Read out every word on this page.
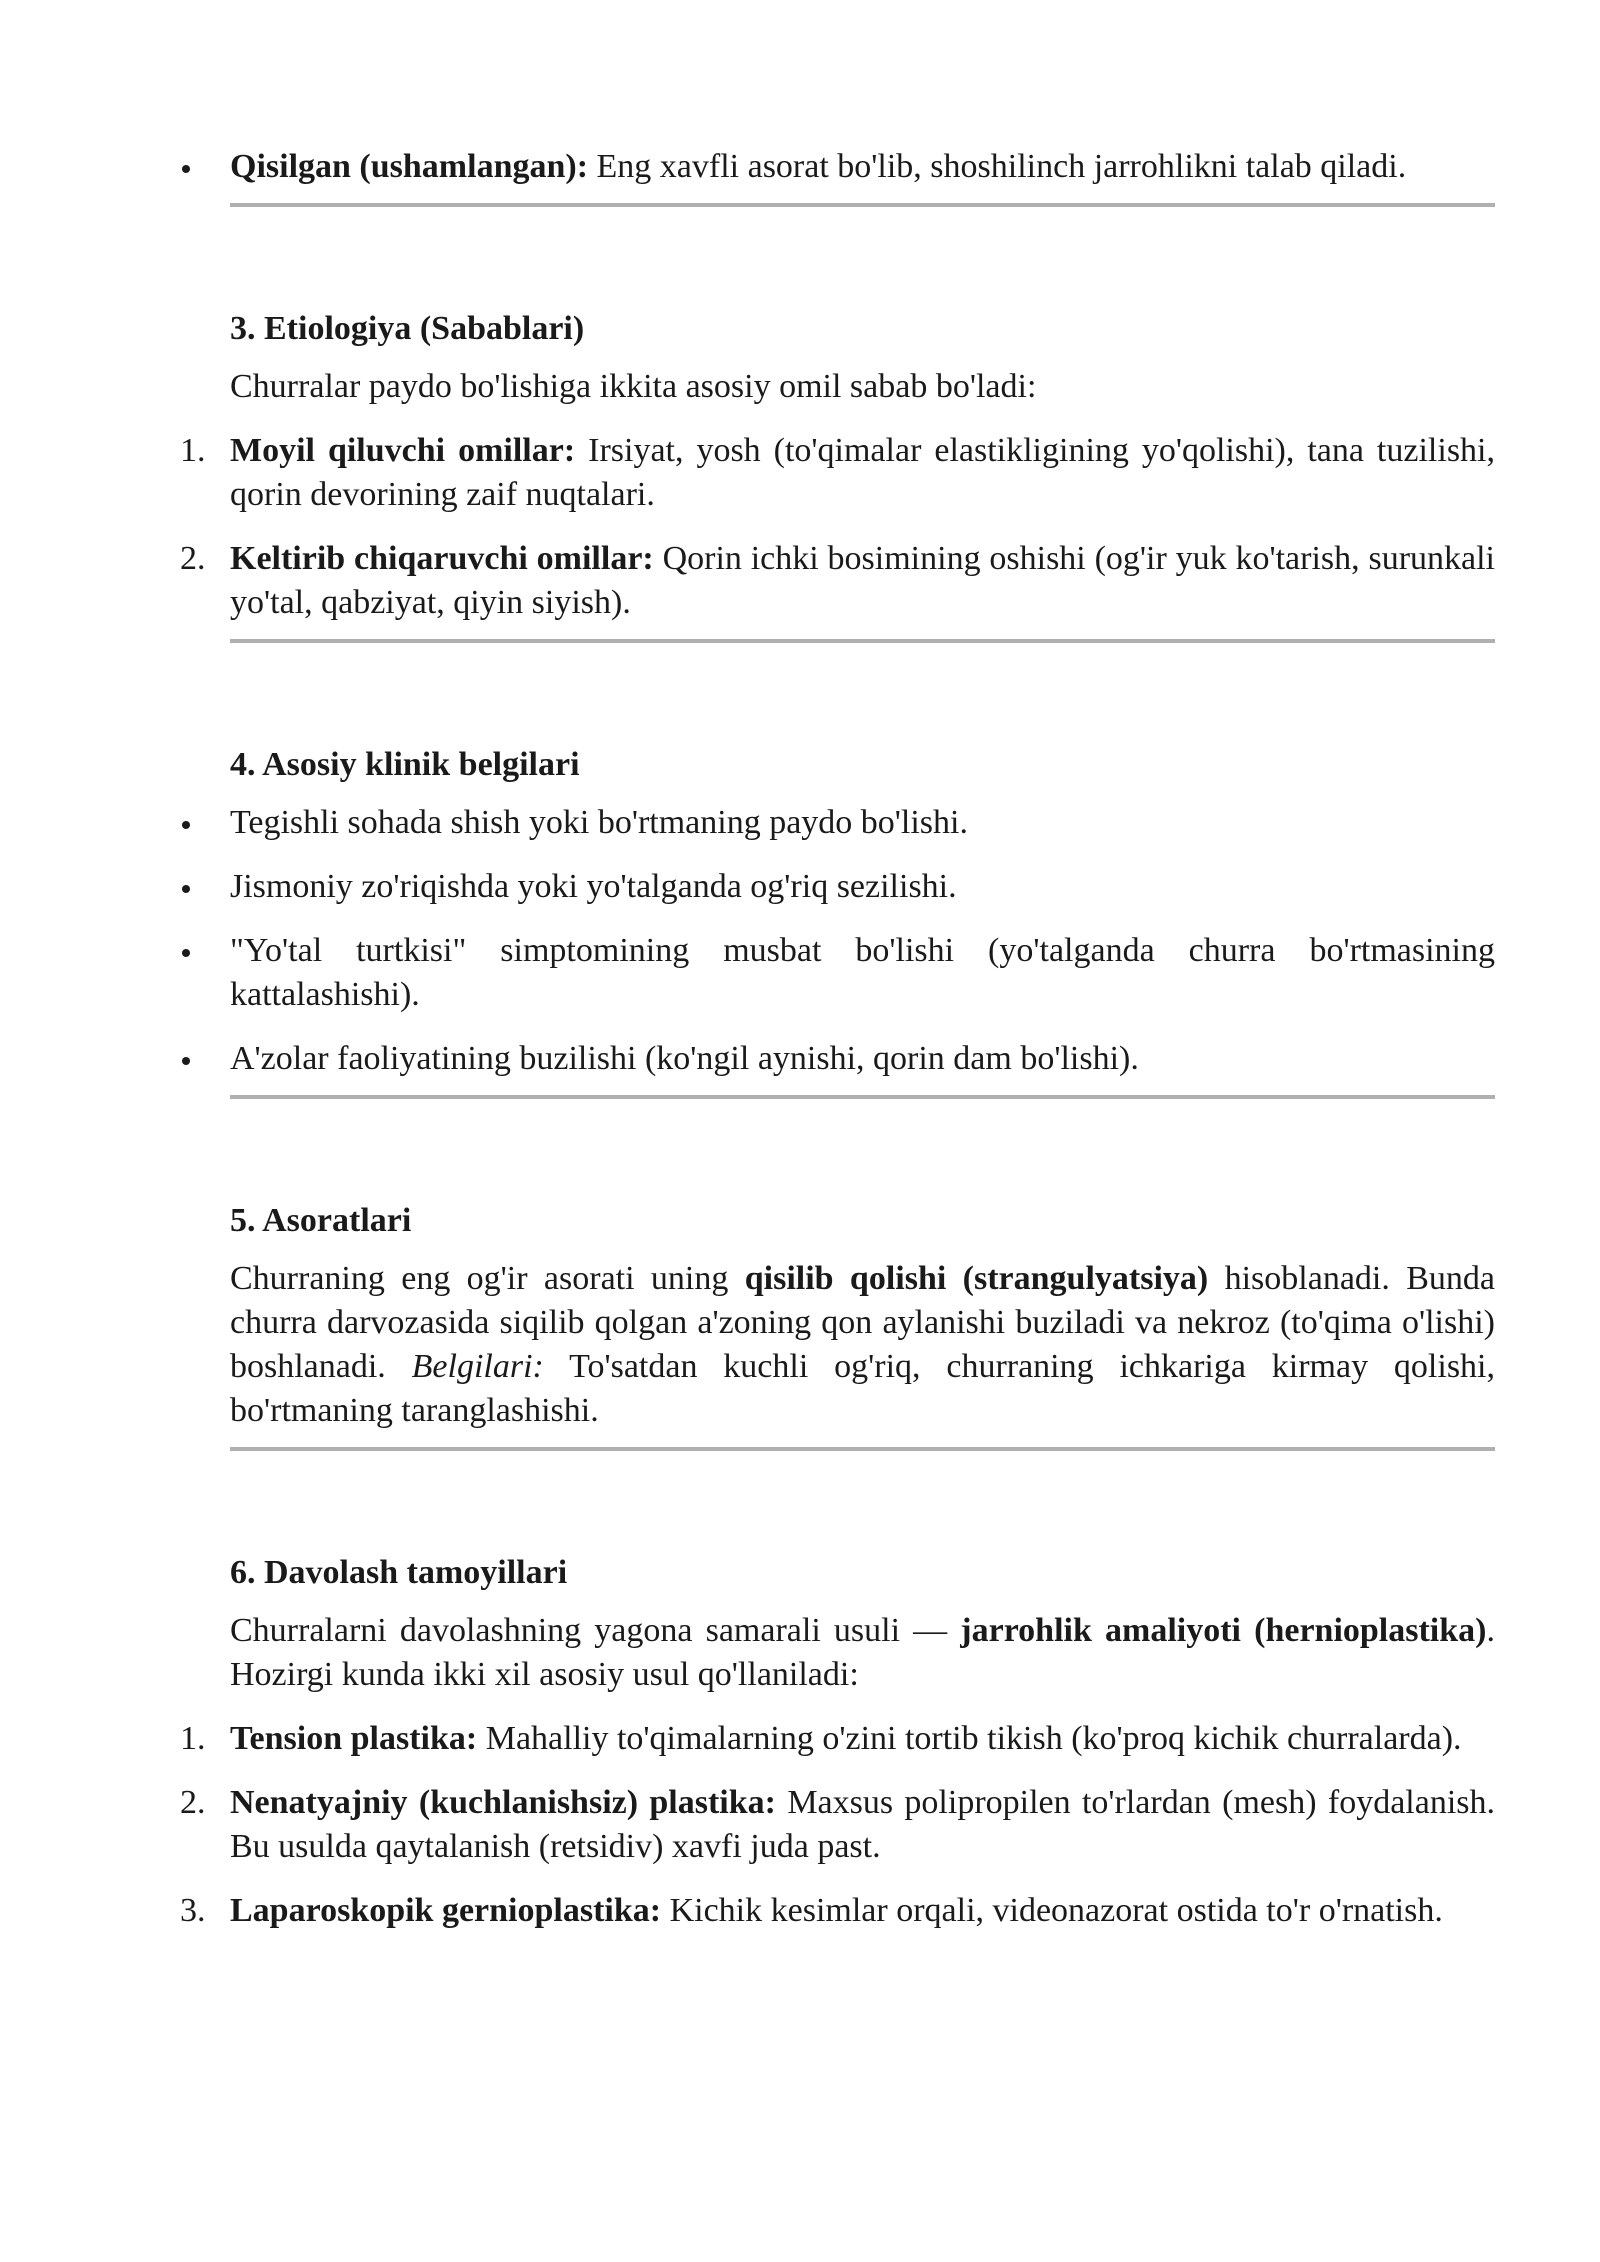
Qisilgan (ushamlangan): Eng xavfli asorat bo'lib, shoshilinch jarrohlikni talab qiladi.

3. Etiologiya (Sabablari)

Churralar paydo bo'lishiga ikkita asosiy omil sabab bo'ladi:

1. Moyil qiluvchi omillar: Irsiyat, yosh (to'qimalar elastikligining yo'qolishi), tana tuzilishi, qorin devorining zaif nuqtalari.
2. Keltirib chiqaruvchi omillar: Qorin ichki bosimining oshishi (og'ir yuk ko'tarish, surunkali yo'tal, qabziyat, qiyin siyish).

4. Asosiy klinik belgilari

Tegishli sohada shish yoki bo'rtmaning paydo bo'lishi.
Jismoniy zo'riqishda yoki yo'talganda og'riq sezilishi.
"Yo'tal turtkisi" simptomining musbat bo'lishi (yo'talganda churra bo'rtmasining kattalashishi).
A'zolar faoliyatining buzilishi (ko'ngil aynishi, qorin dam bo'lishi).

5. Asoratlari

Churraning eng og'ir asorati uning qisilib qolishi (strangulyatsiya) hisoblanadi. Bunda churra darvozasida siqilib qolgan a'zoning qon aylanishi buziladi va nekroz (to'qima o'lishi) boshlanadi. Belgilari: To'satdan kuchli og'riq, churraning ichkariga kirmay qolishi, bo'rtmaning taranglashishi.

6. Davolash tamoyillari

Churralarni davolashning yagona samarali usuli — jarrohlik amaliyoti (hernioplastika). Hozirgi kunda ikki xil asosiy usul qo'llaniladi:

1. Tension plastika: Mahalliy to'qimalarning o'zini tortib tikish (ko'proq kichik churralarda).
2. Nenatyajniy (kuchlanishsiz) plastika: Maxsus polipropilen to'rlardan (mesh) foydalanish. Bu usulda qaytalanish (retsidiv) xavfi juda past.
3. Laparoskopik gernioplastika: Kichik kesimlar orqali, videonazorat ostida to'r o'rnatish.
